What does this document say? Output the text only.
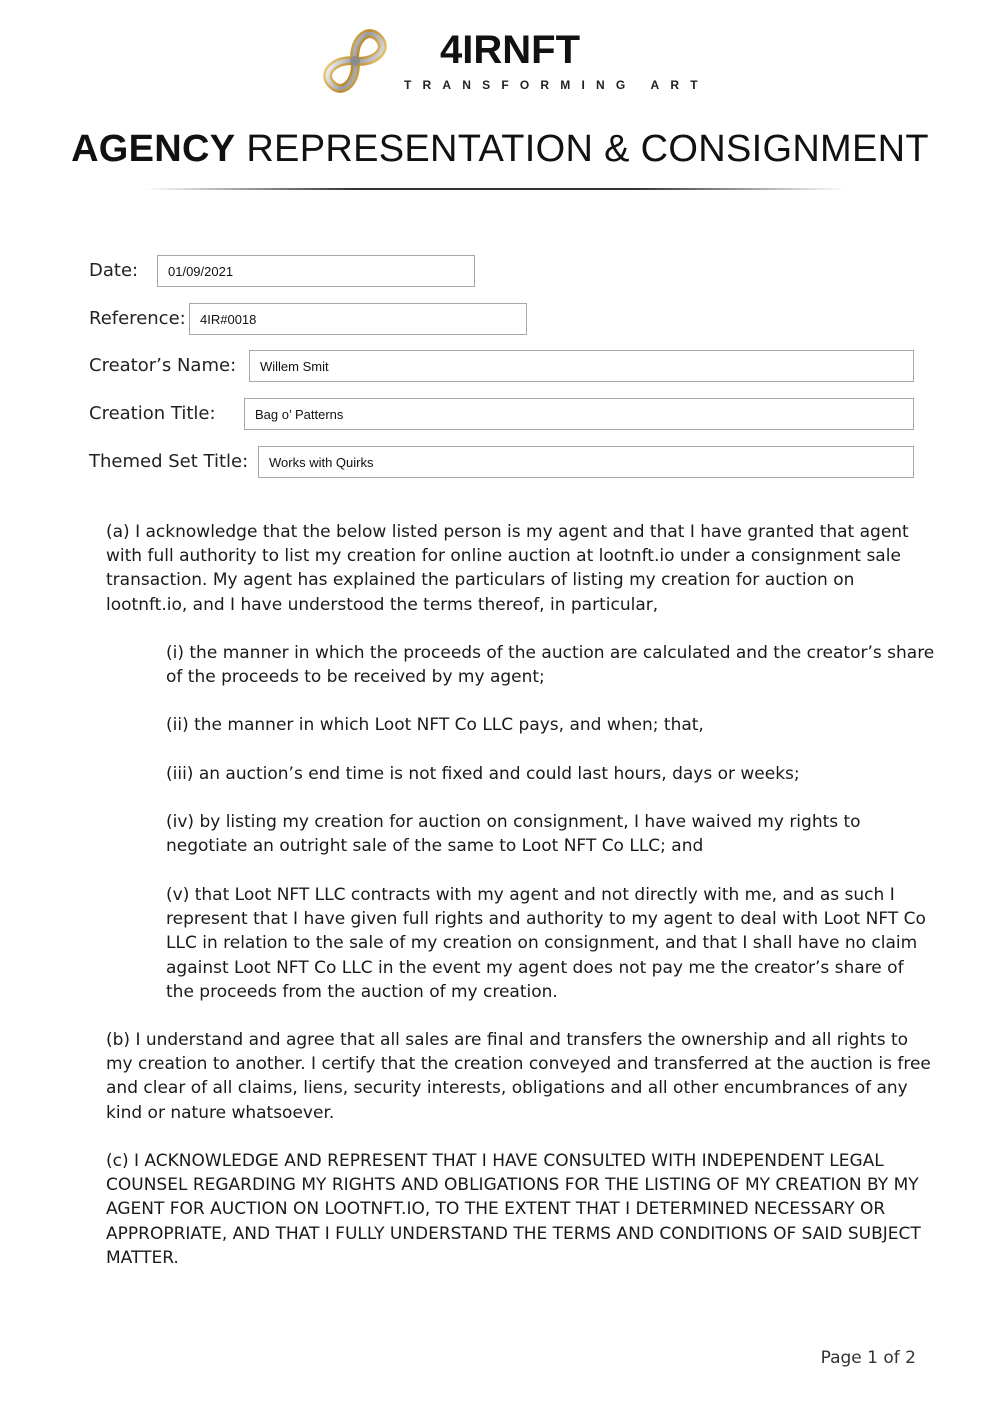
4IRNFT
TRANSFORMING ART
AGENCY REPRESENTATION & CONSIGNMENT
Date:	01/09/2021
Reference:	4IR#0018
Creator’s Name:	Willem Smit
Creation Title:	Bag o’ Patterns
Themed Set Title:	Works with Quirks
(a) I acknowledge that the below listed person is my agent and that I have granted that agent with full authority to list my creation for online auction at lootnft.io under a consignment sale transaction. My agent has explained the particulars of listing my creation for auction on lootnft.io, and I have understood the terms thereof, in particular,
(i) the manner in which the proceeds of the auction are calculated and the creator’s share of the proceeds to be received by my agent;
(ii) the manner in which Loot NFT Co LLC pays, and when; that,
(iii) an auction’s end time is not fixed and could last hours, days or weeks;
(iv) by listing my creation for auction on consignment, I have waived my rights to negotiate an outright sale of the same to Loot NFT Co LLC; and
(v) that Loot NFT LLC contracts with my agent and not directly with me, and as such I represent that I have given full rights and authority to my agent to deal with Loot NFT Co LLC in relation to the sale of my creation on consignment, and that I shall have no claim against Loot NFT Co LLC in the event my agent does not pay me the creator’s share of the proceeds from the auction of my creation.
(b) I understand and agree that all sales are final and transfers the ownership and all rights to my creation to another. I certify that the creation conveyed and transferred at the auction is free and clear of all claims, liens, security interests, obligations and all other encumbrances of any kind or nature whatsoever.
(c) I ACKNOWLEDGE AND REPRESENT THAT I HAVE CONSULTED WITH INDEPENDENT LEGAL COUNSEL REGARDING MY RIGHTS AND OBLIGATIONS FOR THE LISTING OF MY CREATION BY MY AGENT FOR AUCTION ON LOOTNFT.IO, TO THE EXTENT THAT I DETERMINED NECESSARY OR APPROPRIATE, AND THAT I FULLY UNDERSTAND THE TERMS AND CONDITIONS OF SAID SUBJECT MATTER.
Page 1 of 2
